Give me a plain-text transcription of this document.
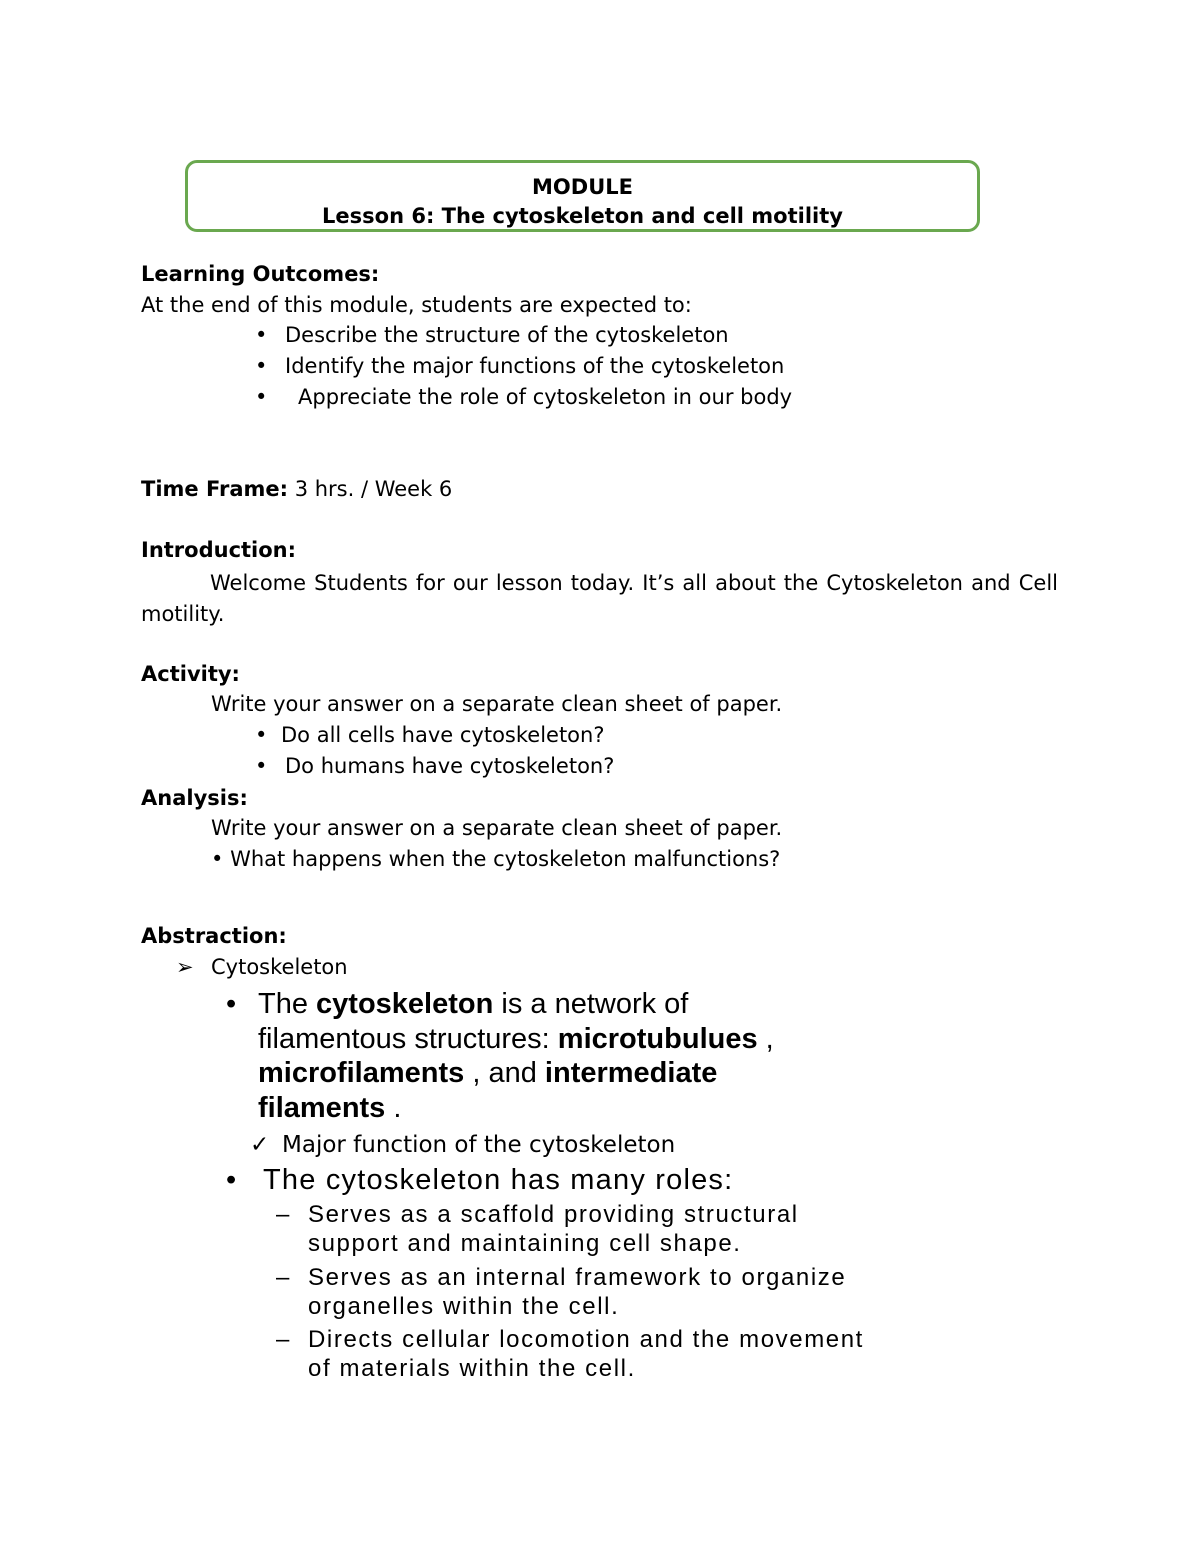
MODULE
Lesson 6: The cytoskeleton and cell motility
Learning Outcomes:
At the end of this module, students are expected to:
• Describe the structure of the cytoskeleton
• Identify the major functions of the cytoskeleton
• Appreciate the role of cytoskeleton in our body
Time Frame: 3 hrs. / Week 6
Introduction:
Welcome Students for our lesson today. It’s all about the Cytoskeleton and Cell motility.
Activity:
Write your answer on a separate clean sheet of paper.
• Do all cells have cytoskeleton?
• Do humans have cytoskeleton?
Analysis:
Write your answer on a separate clean sheet of paper.
• What happens when the cytoskeleton malfunctions?
Abstraction:
➢ Cytoskeleton
• The cytoskeleton is a network of
filamentous structures: microtubulues ,
microfilaments , and intermediate
filaments .
✓ Major function of the cytoskeleton
• The cytoskeleton has many roles:
– Serves as a scaffold providing structural
support and maintaining cell shape.
– Serves as an internal framework to organize
organelles within the cell.
– Directs cellular locomotion and the movement
of materials within the cell.
